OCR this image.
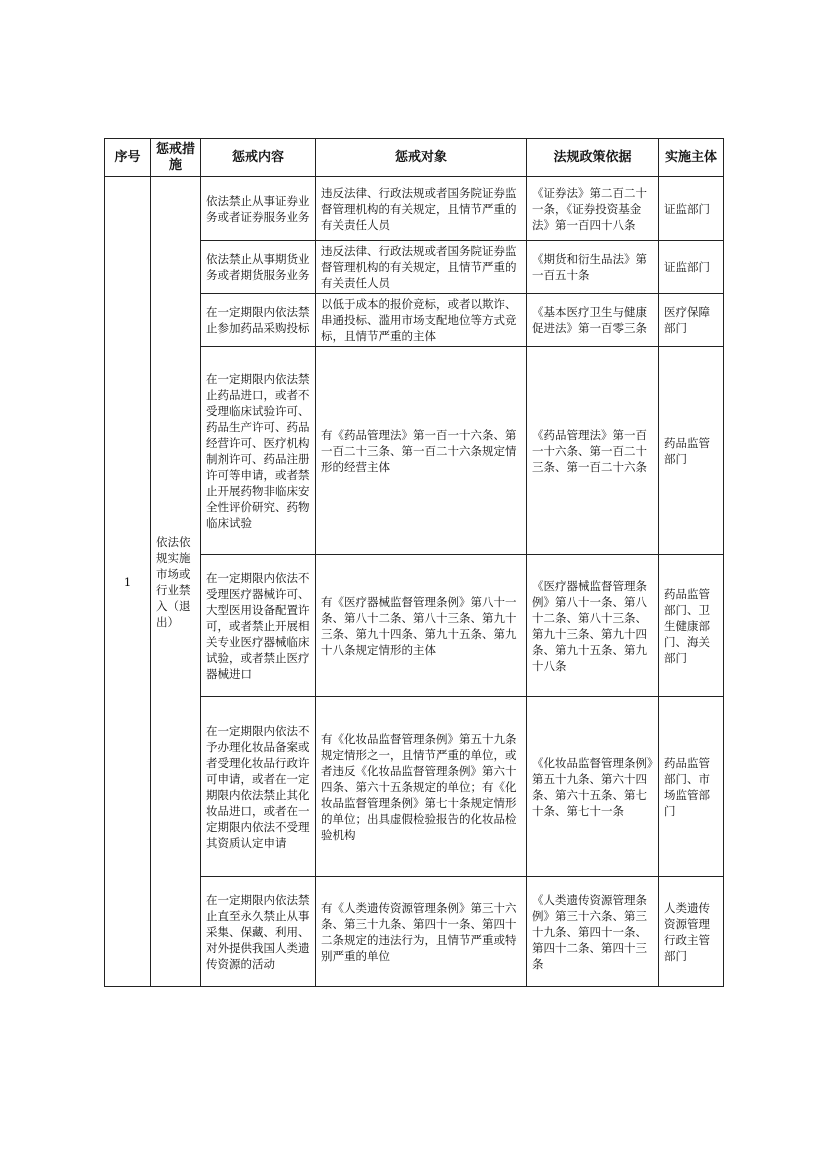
序号	惩戒措施	惩戒内容	惩戒对象	法规政策依据	实施主体
1	依法依规实施市场或行业禁入（退出）	依法禁止从事证券业务或者证券服务业务	违反法律、行政法规或者国务院证券监督管理机构的有关规定，且情节严重的有关责任人员	《证券法》第二百二十一条，《证券投资基金法》第一百四十八条	证监部门
		依法禁止从事期货业务或者期货服务业务	违反法律、行政法规或者国务院证券监督管理机构的有关规定，且情节严重的有关责任人员	《期货和衍生品法》第一百五十条	证监部门
		在一定期限内依法禁止参加药品采购投标	以低于成本的报价竞标，或者以欺诈、串通投标、滥用市场支配地位等方式竞标，且情节严重的主体	《基本医疗卫生与健康促进法》第一百零三条	医疗保障部门
		在一定期限内依法禁止药品进口，或者不受理临床试验许可、药品生产许可、药品经营许可、医疗机构制剂许可、药品注册许可等申请，或者禁止开展药物非临床安全性评价研究、药物临床试验	有《药品管理法》第一百一十六条、第一百二十三条、第一百二十六条规定情形的经营主体	《药品管理法》第一百一十六条、第一百二十三条、第一百二十六条	药品监管部门
		在一定期限内依法不受理医疗器械许可、大型医用设备配置许可，或者禁止开展相关专业医疗器械临床试验，或者禁止医疗器械进口	有《医疗器械监督管理条例》第八十一条、第八十二条、第八十三条、第九十三条、第九十四条、第九十五条、第九十八条规定情形的主体	《医疗器械监督管理条例》第八十一条、第八十二条、第八十三条、第九十三条、第九十四条、第九十五条、第九十八条	药品监管部门、卫生健康部门、海关部门
		在一定期限内依法不予办理化妆品备案或者受理化妆品行政许可申请，或者在一定期限内依法禁止其化妆品进口，或者在一定期限内依法不受理其资质认定申请	有《化妆品监督管理条例》第五十九条规定情形之一，且情节严重的单位，或者违反《化妆品监督管理条例》第六十四条、第六十五条规定的单位；有《化妆品监督管理条例》第七十条规定情形的单位；出具虚假检验报告的化妆品检验机构	《化妆品监督管理条例》第五十九条、第六十四条、第六十五条、第七十条、第七十一条	药品监管部门、市场监管部门
		在一定期限内依法禁止直至永久禁止从事采集、保藏、利用、对外提供我国人类遗传资源的活动	有《人类遗传资源管理条例》第三十六条、第三十九条、第四十一条、第四十二条规定的违法行为，且情节严重或特别严重的单位	《人类遗传资源管理条例》第三十六条、第三十九条、第四十一条、第四十二条、第四十三条	人类遗传资源管理行政主管部门
